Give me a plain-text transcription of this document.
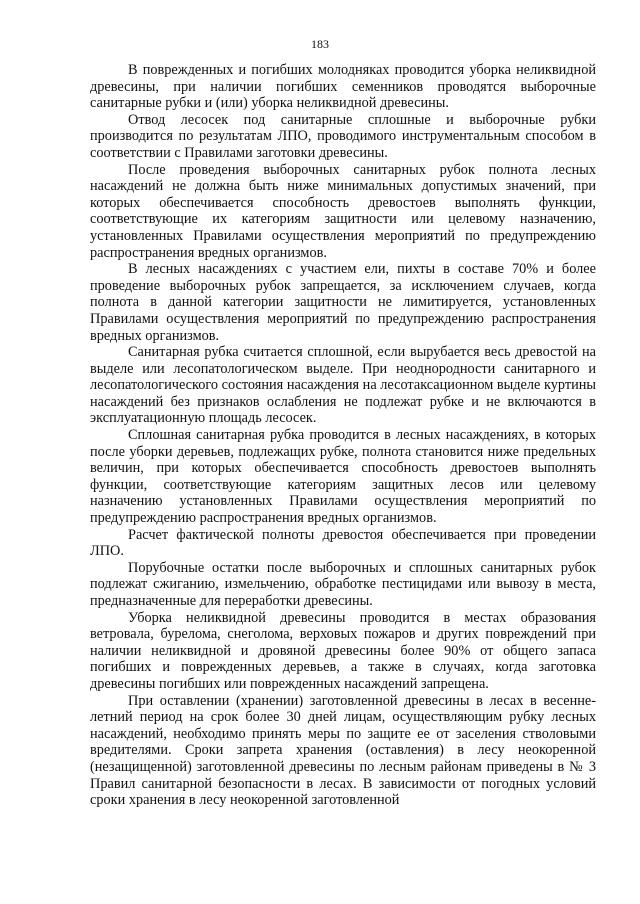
183

В поврежденных и погибших молодняках проводится уборка неликвидной древесины, при наличии погибших семенников проводятся выборочные санитарные рубки и (или) уборка неликвидной древесины.

Отвод лесосек под санитарные сплошные и выборочные рубки производится по результатам ЛПО, проводимого инструментальным способом в соответствии с Правилами заготовки древесины.

После проведения выборочных санитарных рубок полнота лесных насаждений не должна быть ниже минимальных допустимых значений, при которых обеспечивается способность древостоев выполнять функции, соответствующие их категориям защитности или целевому назначению, установленных Правилами осуществления мероприятий по предупреждению распространения вредных организмов.

В лесных насаждениях с участием ели, пихты в составе 70% и более проведение выборочных рубок запрещается, за исключением случаев, когда полнота в данной категории защитности не лимитируется, установленных Правилами осуществления мероприятий по предупреждению распространения вредных организмов.

Санитарная рубка считается сплошной, если вырубается весь древостой на выделе или лесопатологическом выделе. При неоднородности санитарного и лесопатологического состояния насаждения на лесотаксационном выделе куртины насаждений без признаков ослабления не подлежат рубке и не включаются в эксплуатационную площадь лесосек.

Сплошная санитарная рубка проводится в лесных насаждениях, в которых после уборки деревьев, подлежащих рубке, полнота становится ниже предельных величин, при которых обеспечивается способность древостоев выполнять функции, соответствующие категориям защитных лесов или целевому назначению установленных Правилами осуществления мероприятий по предупреждению распространения вредных организмов.

Расчет фактической полноты древостоя обеспечивается при проведении ЛПО.

Порубочные остатки после выборочных и сплошных санитарных рубок подлежат сжиганию, измельчению, обработке пестицидами или вывозу в места, предназначенные для переработки древесины.

Уборка неликвидной древесины проводится в местах образования ветровала, бурелома, снеголома, верховых пожаров и других повреждений при наличии неликвидной и дровяной древесины более 90% от общего запаса погибших и поврежденных деревьев, а также в случаях, когда заготовка древесины погибших или поврежденных насаждений запрещена.

При оставлении (хранении) заготовленной древесины в лесах в весенне-летний период на срок более 30 дней лицам, осуществляющим рубку лесных насаждений, необходимо принять меры по защите ее от заселения стволовыми вредителями. Сроки запрета хранения (оставления) в лесу неокоренной (незащищенной) заготовленной древесины по лесным районам приведены в № 3 Правил санитарной безопасности в лесах. В зависимости от погодных условий сроки хранения в лесу неокоренной заготовленной
